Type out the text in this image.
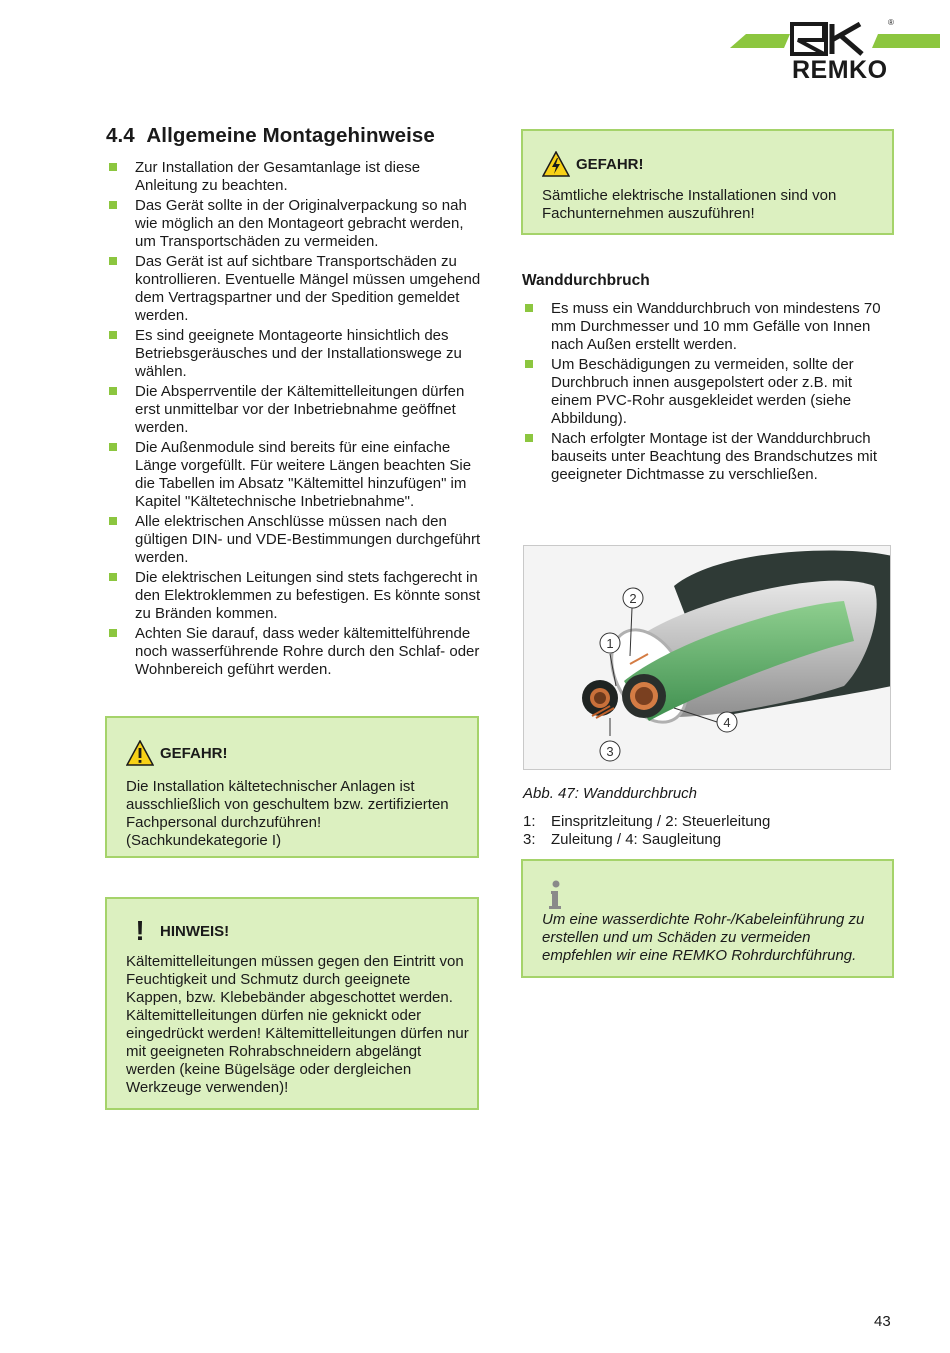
REMKO
®
4.4 Allgemeine Montagehinweise
Zur Installation der Gesamtanlage ist diese Anleitung zu beachten.
Das Gerät sollte in der Originalverpackung so nah wie möglich an den Montageort gebracht werden, um Transportschäden zu vermeiden.
Das Gerät ist auf sichtbare Transportschäden zu kontrollieren. Eventuelle Mängel müssen umgehend dem Vertragspartner und der Spedition gemeldet werden.
Es sind geeignete Montageorte hinsichtlich des Betriebsgeräusches und der Installationswege zu wählen.
Die Absperrventile der Kältemittelleitungen dürfen erst unmittelbar vor der Inbetriebnahme geöffnet werden.
Die Außenmodule sind bereits für eine einfache Länge vorgefüllt. Für weitere Längen beachten Sie die Tabellen im Absatz "Kältemittel hinzufügen" im Kapitel "Kältetechnische Inbetriebnahme".
Alle elektrischen Anschlüsse müssen nach den gültigen DIN- und VDE-Bestimmungen durchgeführt werden.
Die elektrischen Leitungen sind stets fachgerecht in den Elektroklemmen zu befestigen. Es könnte sonst zu Bränden kommen.
Achten Sie darauf, dass weder kältemittelführende noch wasserführende Rohre durch den Schlaf- oder Wohnbereich geführt werden.
GEFAHR!
Die Installation kältetechnischer Anlagen ist ausschließlich von geschultem bzw. zertifizierten Fachpersonal durchzuführen! (Sachkundekategorie I)
!	HINWEIS!
Kältemittelleitungen müssen gegen den Eintritt von Feuchtigkeit und Schmutz durch geeignete Kappen, bzw. Klebebänder abgeschottet werden. Kältemittelleitungen dürfen nie geknickt oder eingedrückt werden! Kältemittelleitungen dürfen nur mit geeigneten Rohrabschneidern abgelängt werden (keine Bügelsäge oder dergleichen Werkzeuge verwenden)!
GEFAHR!
Sämtliche elektrische Installationen sind von Fachunternehmen auszuführen!
Wanddurchbruch
Es muss ein Wanddurchbruch von mindestens 70 mm Durchmesser und 10 mm Gefälle von Innen nach Außen erstellt werden.
Um Beschädigungen zu vermeiden, sollte der Durchbruch innen ausgepolstert oder z.B. mit einem PVC-Rohr ausgekleidet werden (siehe Abbildung).
Nach erfolgter Montage ist der Wanddurchbruch bauseits unter Beachtung des Brandschutzes mit geeigneter Dichtmasse zu verschließen.
2
1
3
4
Abb. 47: Wanddurchbruch
1: Einspritzleitung / 2: Steuerleitung
3: Zuleitung / 4: Saugleitung
Um eine wasserdichte Rohr-/Kabeleinführung zu erstellen und um Schäden zu vermeiden empfehlen wir eine REMKO Rohrdurchführung.
43
